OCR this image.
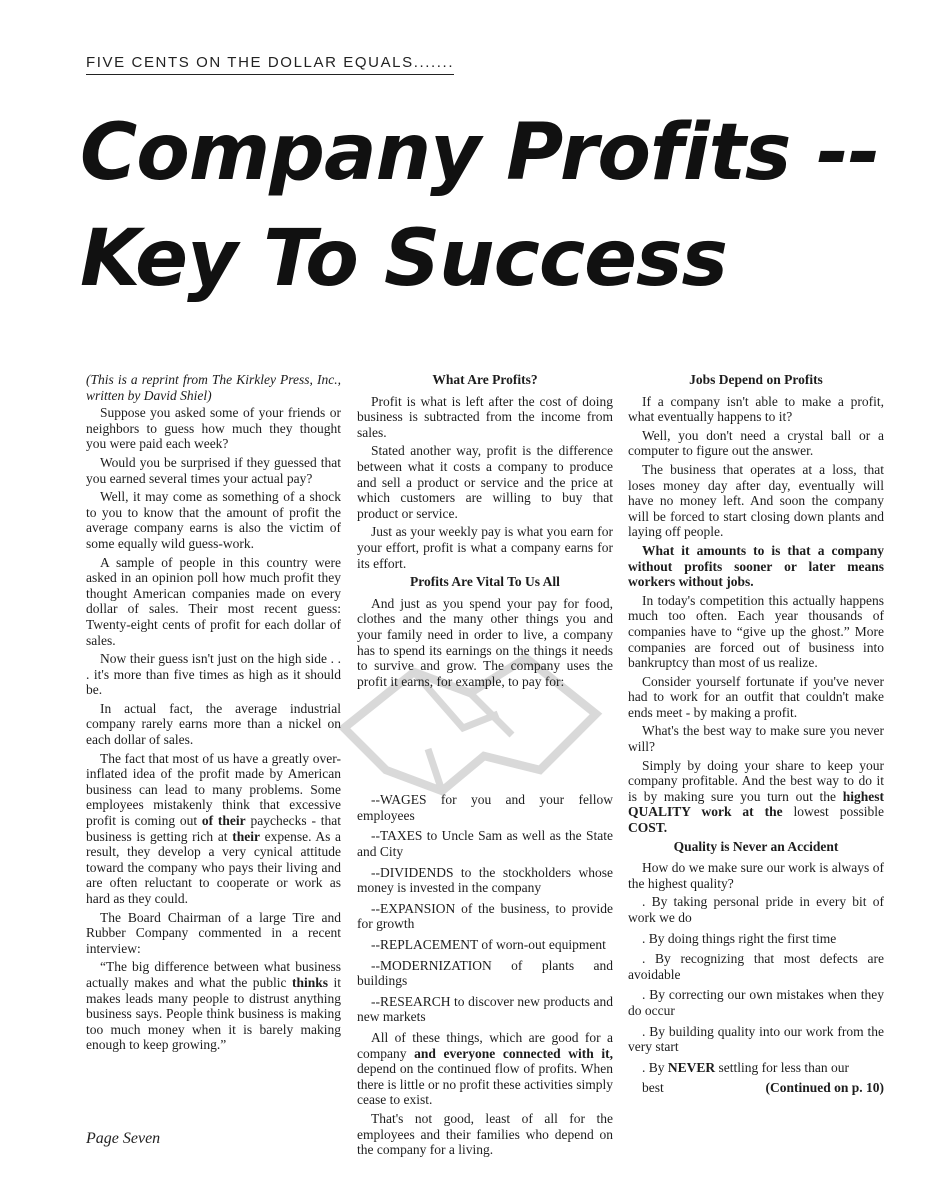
FIVE CENTS ON THE DOLLAR EQUALS.......
Company Profits --
Key To Success

(This is a reprint from The Kirkley Press, Inc., written by David Shiel)

Suppose you asked some of your friends or neighbors to guess how much they thought you were paid each week?

Would you be surprised if they guessed that you earned several times your actual pay?

Well, it may come as something of a shock to you to know that the amount of profit the average company earns is also the victim of some equally wild guess-work.

A sample of people in this country were asked in an opinion poll how much profit they thought American companies made on every dollar of sales. Their most recent guess: Twenty-eight cents of profit for each dollar of sales.

Now their guess isn't just on the high side . . . it's more than five times as high as it should be.

In actual fact, the average industrial company rarely earns more than a nickel on each dollar of sales.

The fact that most of us have a greatly over-inflated idea of the profit made by American business can lead to many problems. Some employees mistakenly think that excessive profit is coming out of their paychecks - that business is getting rich at their expense. As a result, they develop a very cynical attitude toward the company who pays their living and are often reluctant to cooperate or work as hard as they could.

The Board Chairman of a large Tire and Rubber Company commented in a recent interview:

“The big difference between what business actually makes and what the public thinks it makes leads many people to distrust anything business says. People think business is making too much money when it is barely making enough to keep growing.”

What Are Profits?

Profit is what is left after the cost of doing business is subtracted from the income from sales.

Stated another way, profit is the difference between what it costs a company to produce and sell a product or service and the price at which customers are willing to buy that product or service.

Just as your weekly pay is what you earn for your effort, profit is what a company earns for its effort.

Profits Are Vital To Us All

And just as you spend your pay for food, clothes and the many other things you and your family need in order to live, a company has to spend its earnings on the things it needs to survive and grow. The company uses the profit it earns, for example, to pay for:

--WAGES for you and your fellow employees

--TAXES to Uncle Sam as well as the State and City

--DIVIDENDS to the stockholders whose money is invested in the company

--EXPANSION of the business, to provide for growth

--REPLACEMENT of worn-out equipment

--MODERNIZATION of plants and buildings

--RESEARCH to discover new products and new markets

All of these things, which are good for a company and everyone connected with it, depend on the continued flow of profits. When there is little or no profit these activities simply cease to exist.

That's not good, least of all for the employees and their families who depend on the company for a living.

Jobs Depend on Profits

If a company isn't able to make a profit, what eventually happens to it?

Well, you don't need a crystal ball or a computer to figure out the answer.

The business that operates at a loss, that loses money day after day, eventually will have no money left. And soon the company will be forced to start closing down plants and laying off people.

What it amounts to is that a company without profits sooner or later means workers without jobs.

In today's competition this actually happens much too often. Each year thousands of companies have to “give up the ghost.” More companies are forced out of business into bankruptcy than most of us realize.

Consider yourself fortunate if you've never had to work for an outfit that couldn't make ends meet - by making a profit.

What's the best way to make sure you never will?

Simply by doing your share to keep your company profitable. And the best way to do it is by making sure you turn out the highest QUALITY work at the lowest possible COST.

Quality is Never an Accident

How do we make sure our work is always of the highest quality?

. By taking personal pride in every bit of work we do

. By doing things right the first time

. By recognizing that most defects are avoidable

. By correcting our own mistakes when they do occur

. By building quality into our work from the very start

. By NEVER settling for less than our

best	(Continued on p. 10)

Page Seven
